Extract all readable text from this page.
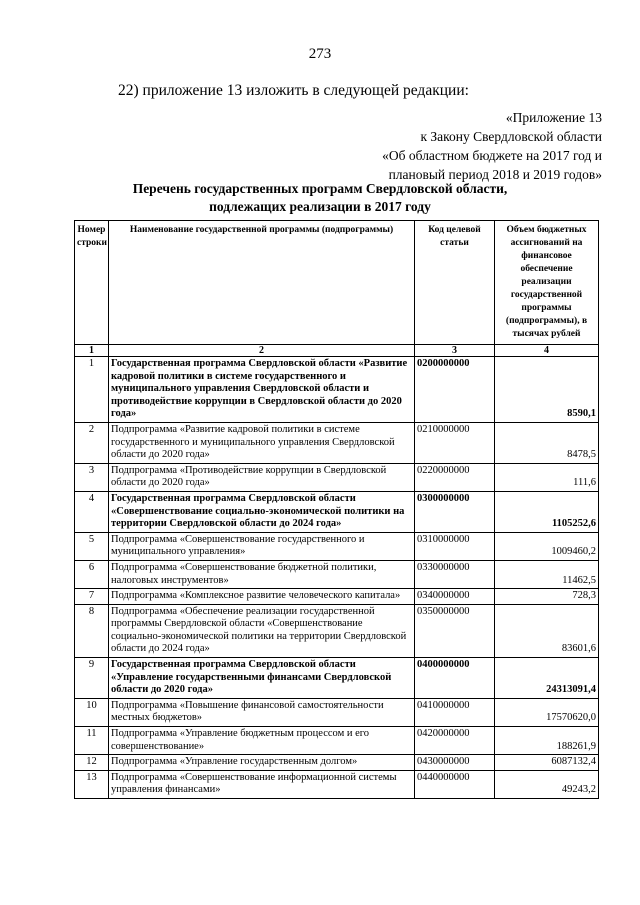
273
22) приложение 13 изложить в следующей редакции:
«Приложение 13
к Закону Свердловской области
«Об областном бюджете на 2017 год и
плановый период 2018 и 2019 годов»
Перечень государственных программ Свердловской области,
подлежащих реализации в 2017 году
Номер строки	Наименование государственной программы (подпрограммы)	Код целевой статьи	Объем бюджетных ассигнований на финансовое обеспечение реализации государственной программы (подпрограммы), в тысячах рублей
1	2	3	4
1	Государственная программа Свердловской области «Развитие кадровой политики в системе государственного и муниципального управления Свердловской области и противодействие коррупции в Свердловской области до 2020 года»	0200000000	8590,1
2	Подпрограмма «Развитие кадровой политики в системе государственного и муниципального управления Свердловской области до 2020 года»	0210000000	8478,5
3	Подпрограмма «Противодействие коррупции в Свердловской области до 2020 года»	0220000000	111,6
4	Государственная программа Свердловской области «Совершенствование социально-экономической политики на территории Свердловской области до 2024 года»	0300000000	1105252,6
5	Подпрограмма «Совершенствование государственного и муниципального управления»	0310000000	1009460,2
6	Подпрограмма «Совершенствование бюджетной политики, налоговых инструментов»	0330000000	11462,5
7	Подпрограмма «Комплексное развитие человеческого капитала»	0340000000	728,3
8	Подпрограмма «Обеспечение реализации государственной программы Свердловской области «Совершенствование социально-экономической политики на территории Свердловской области до 2024 года»	0350000000	83601,6
9	Государственная программа Свердловской области «Управление государственными финансами Свердловской области до 2020 года»	0400000000	24313091,4
10	Подпрограмма «Повышение финансовой самостоятельности местных бюджетов»	0410000000	17570620,0
11	Подпрограмма «Управление бюджетным процессом и его совершенствование»	0420000000	188261,9
12	Подпрограмма «Управление государственным долгом»	0430000000	6087132,4
13	Подпрограмма «Совершенствование информационной системы управления финансами»	0440000000	49243,2
